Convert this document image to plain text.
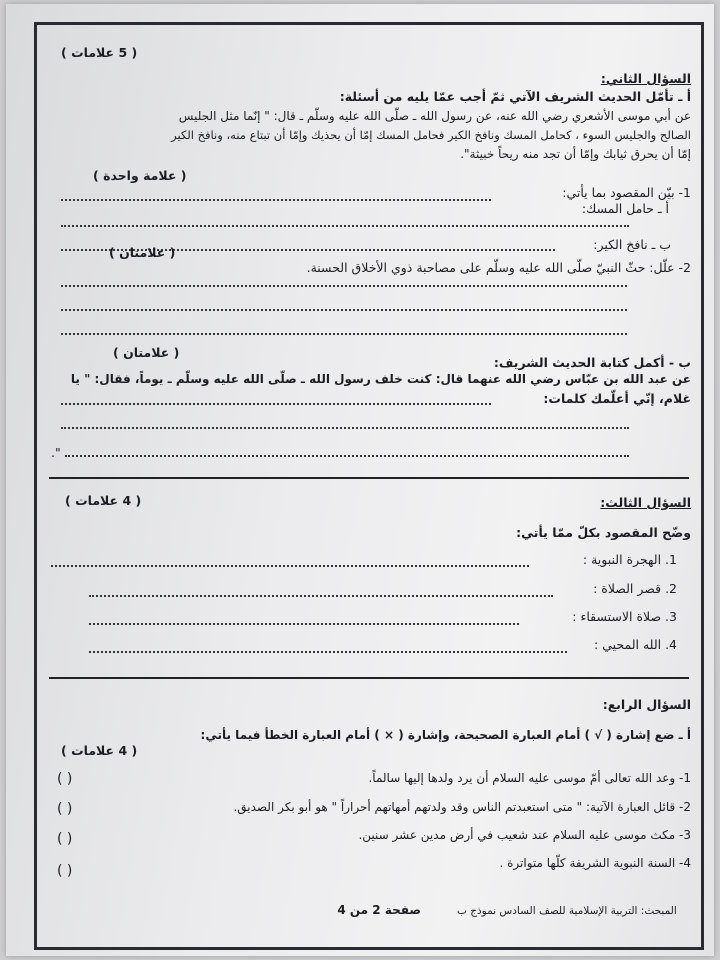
( 5 علامات )
السؤال الثاني:
أ ـ تأمّل الحديث الشريف الآتي ثمّ أجب عمّا يليه من أسئلة:
عن أبي موسى الأشعري رضي الله عنه، عن رسول الله ـ صلّى الله عليه وسلّم ـ قال: " إنّما مثل الجليس
الصالح والجليس السوء ، كحامل المسك ونافخ الكير فحامل المسك إمّا أن يحذيك وإمّا أن تبتاع منه، ونافخ الكير
إمّا أن يحرق ثيابك وإمّا أن تجد منه ريحاً خبيثة".
( علامة واحدة )
1- بيّن المقصود بما يأتي:
أ ـ حامل المسك:
ب ـ نافخ الكير:
( علامتان )
2- علّل: حثّ النبيّ صلّى الله عليه وسلّم على مصاحبة ذوي الأخلاق الحسنة.
( علامتان )
ب - أكمل كتابة الحديث الشريف:
عن عبد الله بن عبّاس رضي الله عنهما قال: كنت خلف رسول الله ـ صلّى الله عليه وسلّم ـ يوماً، فقال: " يا
غلام، إنّي أعلّمك كلمات:
".
( 4 علامات )	السؤال الثالث:
وضّح المقصود بكلّ ممّا يأتي:
1. الهجرة النبوية :
2. قصر الصلاة :
3. صلاة الاستسقاء :
4. الله المحيي :
السؤال الرابع:
أ ـ ضع إشارة ( √ ) أمام العبارة الصحيحة، وإشارة ( × ) أمام العبارة الخطأ فيما يأتي:
( 4 علامات )
1- وعد الله تعالى أمّ موسى عليه السلام أن يرد ولدها إليها سالماً.
( )
2- قائل العبارة الآتية: " متى استعبدتم الناس وقد ولدتهم أمهاتهم أحراراً " هو أبو بكر الصديق.
( )
3- مكث موسى عليه السلام عند شعيب في أرض مدين عشر سنين.
( )
4- السنة النبوية الشريفة كلّها متواترة .
( )
صفحة 2 من 4	المبحث: التربية الإسلامية للصف السادس نموذج ب
